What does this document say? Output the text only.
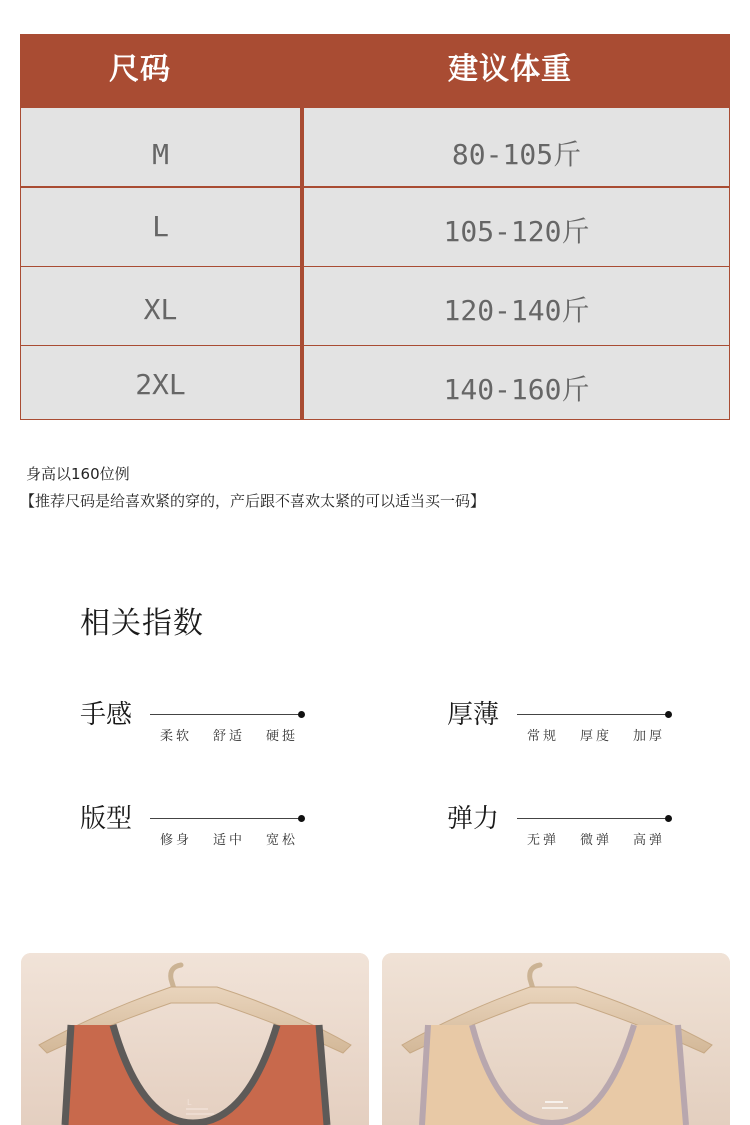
尺码	建议体重
M	80-105斤
L	105-120斤
XL	120-140斤
2XL	140-160斤
身高以160位例
【推荐尺码是给喜欢紧的穿的，产后跟不喜欢太紧的可以适当买一码】
相关指数
手感
柔软 舒适 硬挺
厚薄
常规 厚度 加厚
版型
修身 适中 宽松
弹力
无弹 微弹 高弹
L
